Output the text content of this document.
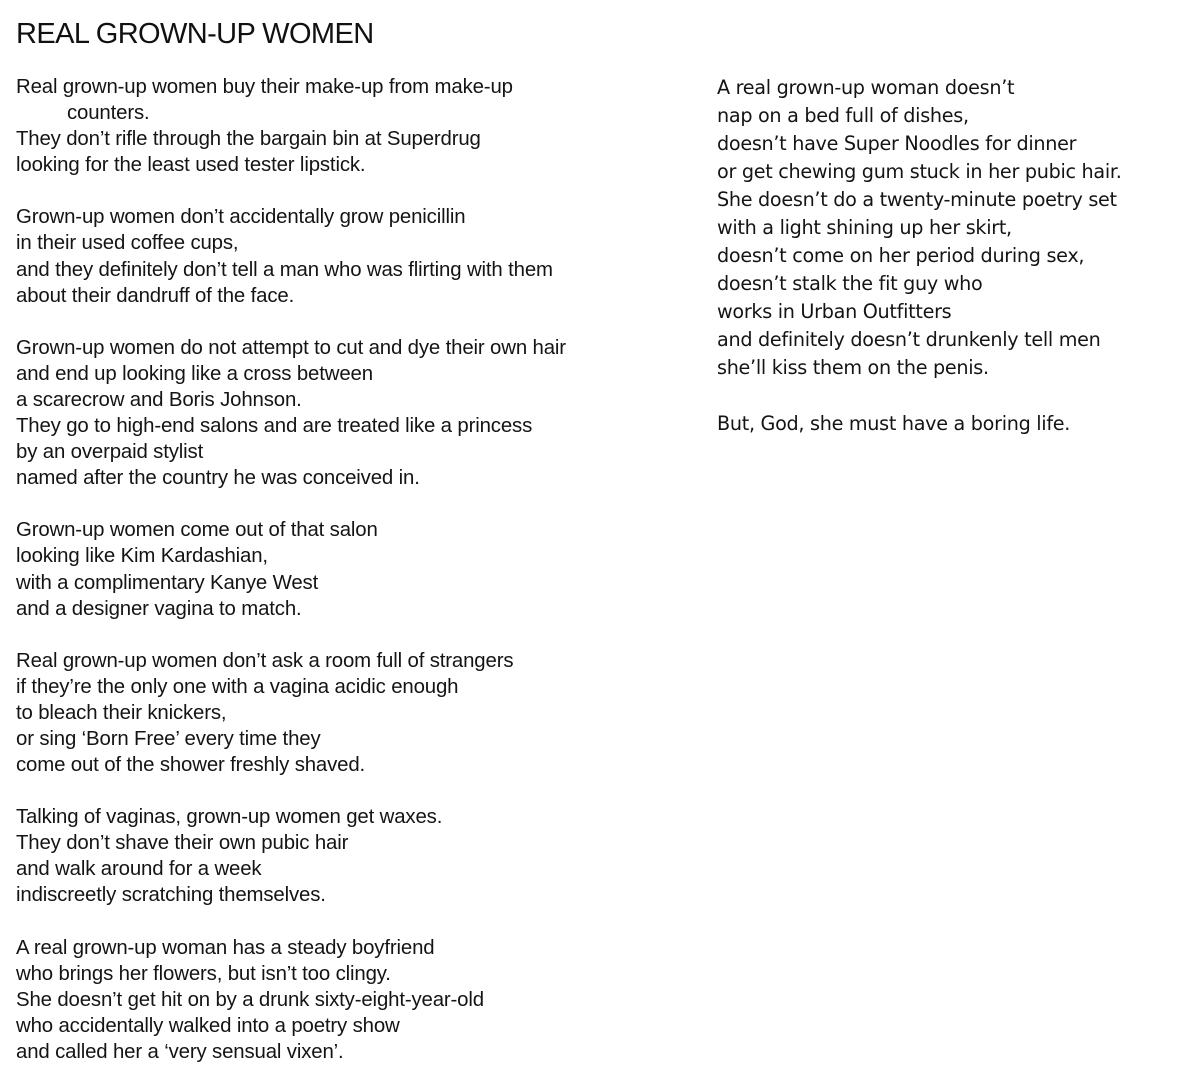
REAL GROWN-UP WOMEN

Real grown-up women buy their make-up from make-up
counters.
They don’t rifle through the bargain bin at Superdrug
looking for the least used tester lipstick.

Grown-up women don’t accidentally grow penicillin
in their used coffee cups,
and they definitely don’t tell a man who was flirting with them
about their dandruff of the face.

Grown-up women do not attempt to cut and dye their own hair
and end up looking like a cross between
a scarecrow and Boris Johnson.
They go to high-end salons and are treated like a princess
by an overpaid stylist
named after the country he was conceived in.

Grown-up women come out of that salon
looking like Kim Kardashian,
with a complimentary Kanye West
and a designer vagina to match.

Real grown-up women don’t ask a room full of strangers
if they’re the only one with a vagina acidic enough
to bleach their knickers,
or sing ‘Born Free’ every time they
come out of the shower freshly shaved.

Talking of vaginas, grown-up women get waxes.
They don’t shave their own pubic hair
and walk around for a week
indiscreetly scratching themselves.

A real grown-up woman has a steady boyfriend
who brings her flowers, but isn’t too clingy.
She doesn’t get hit on by a drunk sixty-eight-year-old
who accidentally walked into a poetry show
and called her a ‘very sensual vixen’.

A real grown-up woman doesn’t
nap on a bed full of dishes,
doesn’t have Super Noodles for dinner
or get chewing gum stuck in her pubic hair.
She doesn’t do a twenty-minute poetry set
with a light shining up her skirt,
doesn’t come on her period during sex,
doesn’t stalk the fit guy who
works in Urban Outfitters
and definitely doesn’t drunkenly tell men
she’ll kiss them on the penis.

But, God, she must have a boring life.
